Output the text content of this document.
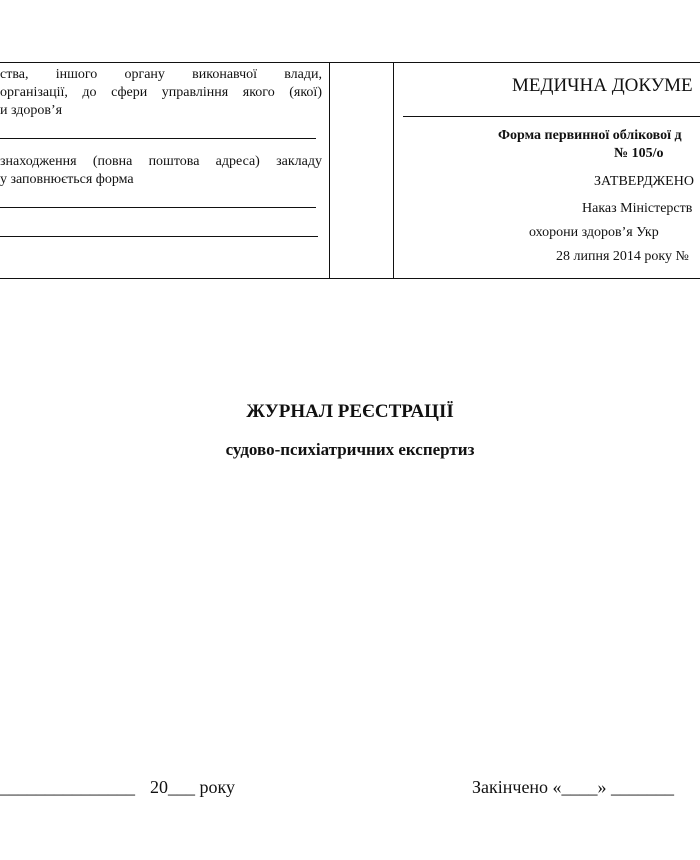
ства, іншого органу виконавчої влади,
організації, до сфери управління якого (якої)
и здоров’я
знаходження (повна поштова адреса) закладу
у заповнюється форма
МЕДИЧНА ДОКУМЕ
Форма первинної облікової д
№ 105/о
ЗАТВЕРДЖЕНО
Наказ Міністерств
охорони здоров’я Укр
28 липня 2014 року №
ЖУРНАЛ РЕЄСТРАЦІЇ
судово-психіатричних експертиз
_______________ 20___ року	Закінчено «____» _______
